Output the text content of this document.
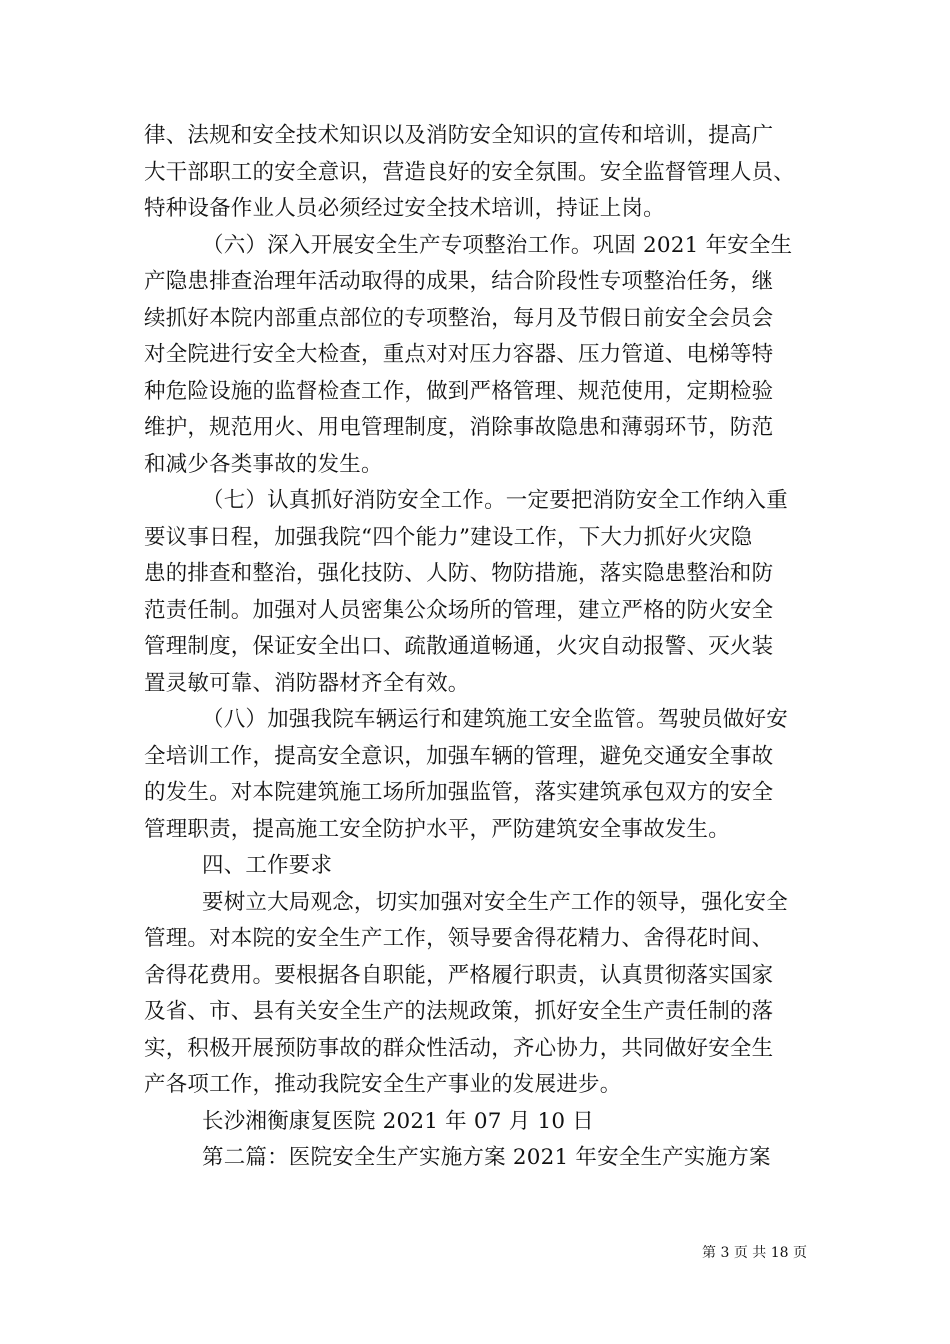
律、法规和安全技术知识以及消防安全知识的宣传和培训，提高广
大干部职工的安全意识，营造良好的安全氛围。安全监督管理人员、
特种设备作业人员必须经过安全技术培训，持证上岗。
（六）深入开展安全生产专项整治工作。巩固 2021 年安全生
产隐患排查治理年活动取得的成果，结合阶段性专项整治任务，继
续抓好本院内部重点部位的专项整治，每月及节假日前安全会员会
对全院进行安全大检查，重点对对压力容器、压力管道、电梯等特
种危险设施的监督检查工作，做到严格管理、规范使用，定期检验
维护，规范用火、用电管理制度，消除事故隐患和薄弱环节，防范
和减少各类事故的发生。
（七）认真抓好消防安全工作。一定要把消防安全工作纳入重
要议事日程，加强我院“四个能力”建设工作，下大力抓好火灾隐
患的排查和整治，强化技防、人防、物防措施，落实隐患整治和防
范责任制。加强对人员密集公众场所的管理，建立严格的防火安全
管理制度，保证安全出口、疏散通道畅通，火灾自动报警、灭火装
置灵敏可靠、消防器材齐全有效。
（八）加强我院车辆运行和建筑施工安全监管。驾驶员做好安
全培训工作，提高安全意识，加强车辆的管理，避免交通安全事故
的发生。对本院建筑施工场所加强监管，落实建筑承包双方的安全
管理职责，提高施工安全防护水平，严防建筑安全事故发生。
四、工作要求
要树立大局观念，切实加强对安全生产工作的领导，强化安全
管理。对本院的安全生产工作，领导要舍得花精力、舍得花时间、
舍得花费用。要根据各自职能，严格履行职责，认真贯彻落实国家
及省、市、县有关安全生产的法规政策，抓好安全生产责任制的落
实，积极开展预防事故的群众性活动，齐心协力，共同做好安全生
产各项工作，推动我院安全生产事业的发展进步。
长沙湘衡康复医院 2021 年 07 月 10 日
第二篇：医院安全生产实施方案 2021 年安全生产实施方案
第 3 页 共 18 页
